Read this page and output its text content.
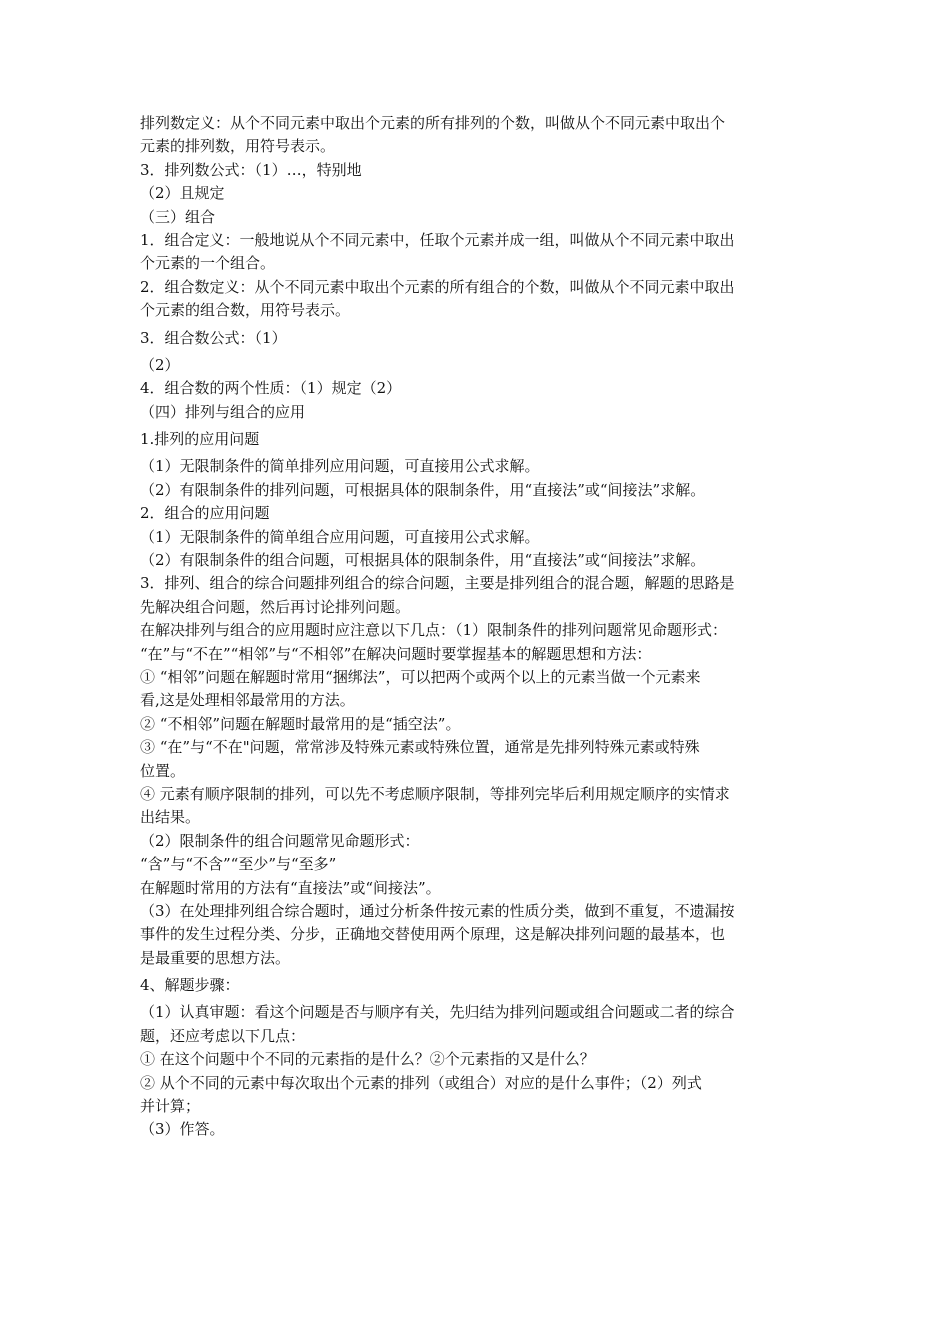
排列数定义：从个不同元素中取出个元素的所有排列的个数，叫做从个不同元素中取出个
元素的排列数，用符号表示。
3．排列数公式：（1）…，特别地
（2）且规定
（三）组合
1．组合定义：一般地说从个不同元素中，任取个元素并成一组，叫做从个不同元素中取出
个元素的一个组合。
2．组合数定义：从个不同元素中取出个元素的所有组合的个数，叫做从个不同元素中取出
个元素的组合数，用符号表示。
3．组合数公式：（1）
（2）
4．组合数的两个性质：（1）规定（2）
（四）排列与组合的应用
1.排列的应用问题
（1）无限制条件的简单排列应用问题，可直接用公式求解。
（2）有限制条件的排列问题，可根据具体的限制条件，用“直接法”或“间接法”求解。
2．组合的应用问题
（1）无限制条件的简单组合应用问题，可直接用公式求解。
（2）有限制条件的组合问题，可根据具体的限制条件，用“直接法”或“间接法”求解。
3．排列、组合的综合问题排列组合的综合问题，主要是排列组合的混合题，解题的思路是
先解决组合问题，然后再讨论排列问题。
在解决排列与组合的应用题时应注意以下几点：（1）限制条件的排列问题常见命题形式：
“在”与“不在”“相邻”与“不相邻”在解决问题时要掌握基本的解题思想和方法：
① “相邻”问题在解题时常用“捆绑法”，可以把两个或两个以上的元素当做一个元素来
看,这是处理相邻最常用的方法。
② “不相邻”问题在解题时最常用的是“插空法”。
③ “在”与“不在"问题，常常涉及特殊元素或特殊位置，通常是先排列特殊元素或特殊
位置。
④ 元素有顺序限制的排列，可以先不考虑顺序限制，等排列完毕后利用规定顺序的实情求
出结果。
（2）限制条件的组合问题常见命题形式：
“含”与“不含”“至少”与“至多”
在解题时常用的方法有“直接法”或“间接法”。
（3）在处理排列组合综合题时，通过分析条件按元素的性质分类，做到不重复，不遗漏按
事件的发生过程分类、分步，正确地交替使用两个原理，这是解决排列问题的最基本，也
是最重要的思想方法。
4、解题步骤：
（1）认真审题：看这个问题是否与顺序有关，先归结为排列问题或组合问题或二者的综合
题，还应考虑以下几点：
① 在这个问题中个不同的元素指的是什么？②个元素指的又是什么？
② 从个不同的元素中每次取出个元素的排列（或组合）对应的是什么事件；（2）列式
并计算；
（3）作答。
